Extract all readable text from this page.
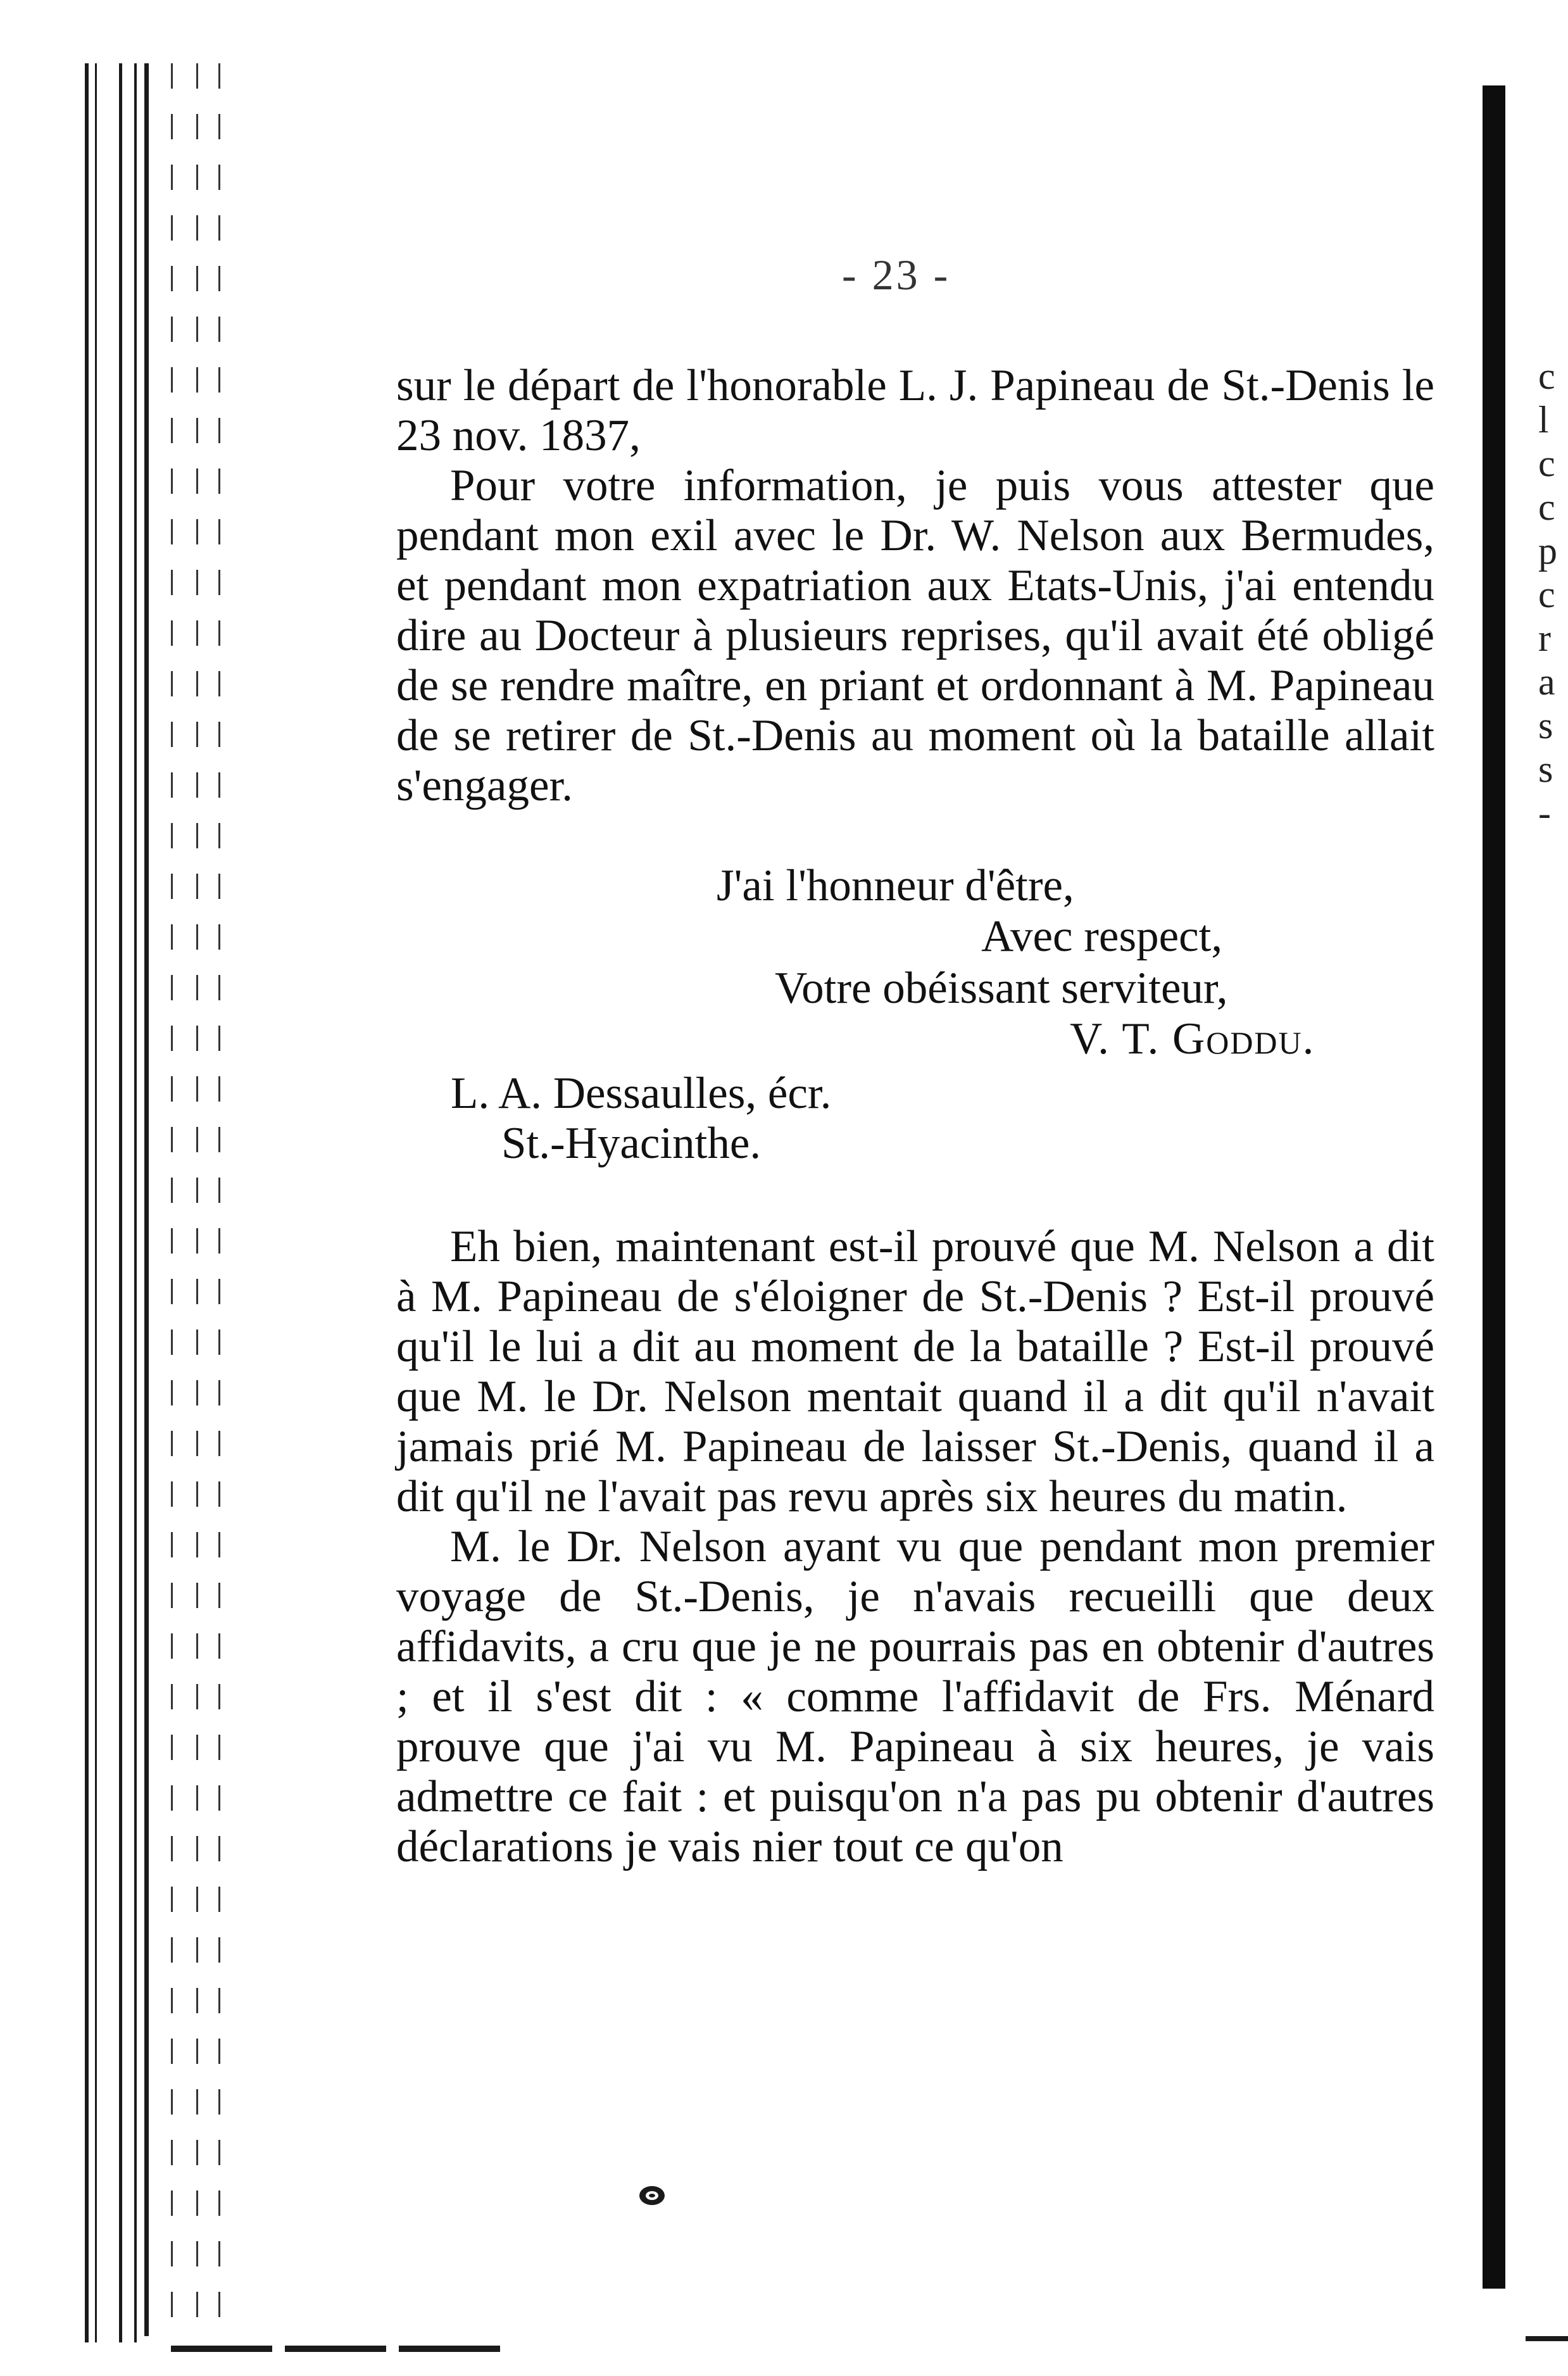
c
l
c
c
p
c
r
a
s
s
-
- 23 -

sur le départ de l'honorable L. J. Papineau de St.-Denis le 23 nov. 1837,

Pour votre information, je puis vous attester que pendant mon exil avec le Dr. W. Nelson aux Bermudes, et pendant mon expatriation aux Etats-Unis, j'ai entendu dire au Docteur à plusieurs reprises, qu'il avait été obligé de se rendre maître, en priant et ordonnant à M. Papineau de se retirer de St.-Denis au moment où la bataille allait s'engager.

J'ai l'honneur d'être,
Avec respect,
Votre obéissant serviteur,
V. T. Goddu.
L. A. Dessaulles, écr.
St.-Hyacinthe.

Eh bien, maintenant est-il prouvé que M. Nelson a dit à M. Papineau de s'éloigner de St.-Denis ? Est-il prouvé qu'il le lui a dit au moment de la bataille ? Est-il prouvé que M. le Dr. Nelson mentait quand il a dit qu'il n'avait jamais prié M. Papineau de laisser St.-Denis, quand il a dit qu'il ne l'avait pas revu après six heures du matin.

M. le Dr. Nelson ayant vu que pendant mon premier voyage de St.-Denis, je n'avais recueilli que deux affidavits, a cru que je ne pourrais pas en obtenir d'autres ; et il s'est dit : « comme l'affidavit de Frs. Ménard prouve que j'ai vu M. Papineau à six heures, je vais admettre ce fait : et puisqu'on n'a pas pu obtenir d'autres déclarations je vais nier tout ce qu'on
